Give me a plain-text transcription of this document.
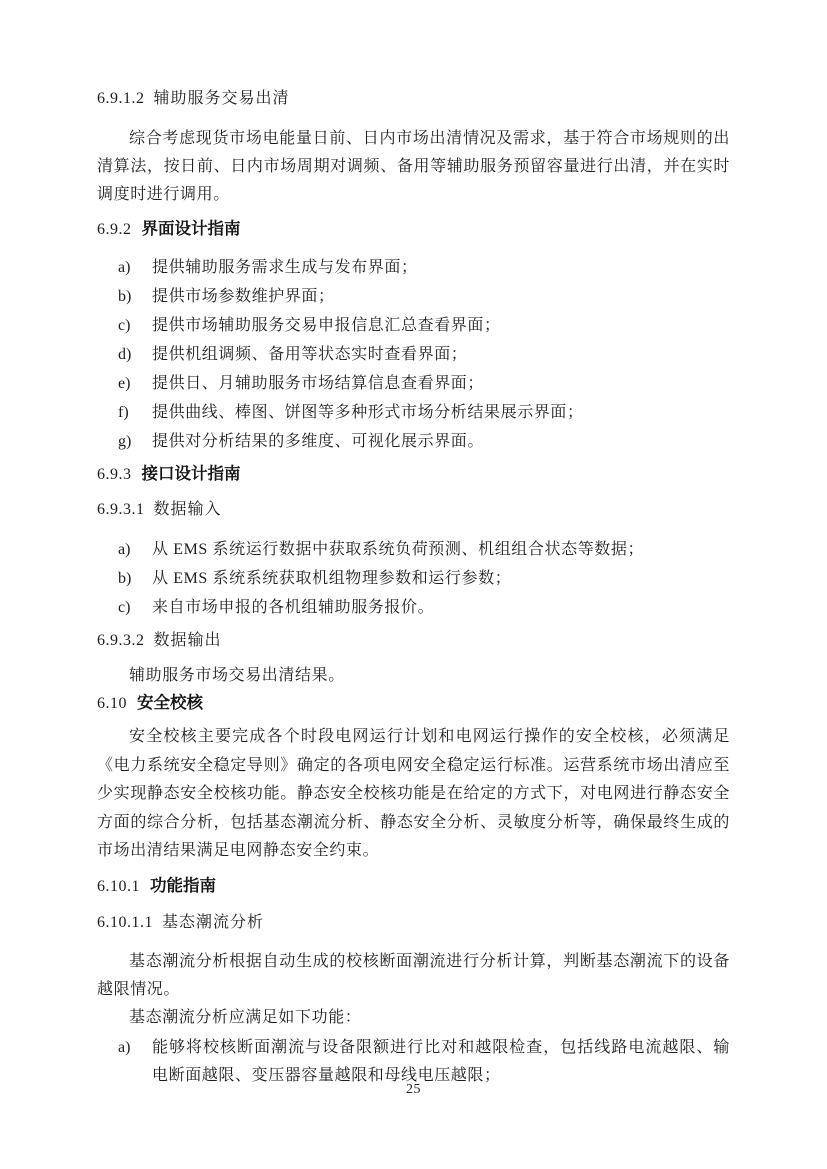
6.9.1.2 辅助服务交易出清
综合考虑现货市场电能量日前、日内市场出清情况及需求，基于符合市场规则的出清算法，按日前、日内市场周期对调频、备用等辅助服务预留容量进行出清，并在实时调度时进行调用。
6.9.2 界面设计指南
a)	提供辅助服务需求生成与发布界面；
b)	提供市场参数维护界面；
c)	提供市场辅助服务交易申报信息汇总查看界面；
d)	提供机组调频、备用等状态实时查看界面；
e)	提供日、月辅助服务市场结算信息查看界面；
f)	提供曲线、棒图、饼图等多种形式市场分析结果展示界面；
g)	提供对分析结果的多维度、可视化展示界面。
6.9.3 接口设计指南
6.9.3.1 数据输入
a)	从 EMS 系统运行数据中获取系统负荷预测、机组组合状态等数据；
b)	从 EMS 系统系统获取机组物理参数和运行参数；
c)	来自市场申报的各机组辅助服务报价。
6.9.3.2 数据输出
辅助服务市场交易出清结果。
6.10 安全校核
安全校核主要完成各个时段电网运行计划和电网运行操作的安全校核，必须满足《电力系统安全稳定导则》确定的各项电网安全稳定运行标准。运营系统市场出清应至少实现静态安全校核功能。静态安全校核功能是在给定的方式下，对电网进行静态安全方面的综合分析，包括基态潮流分析、静态安全分析、灵敏度分析等，确保最终生成的市场出清结果满足电网静态安全约束。
6.10.1 功能指南
6.10.1.1 基态潮流分析
基态潮流分析根据自动生成的校核断面潮流进行分析计算，判断基态潮流下的设备越限情况。
基态潮流分析应满足如下功能：
a)	能够将校核断面潮流与设备限额进行比对和越限检查，包括线路电流越限、输电断面越限、变压器容量越限和母线电压越限；
25
